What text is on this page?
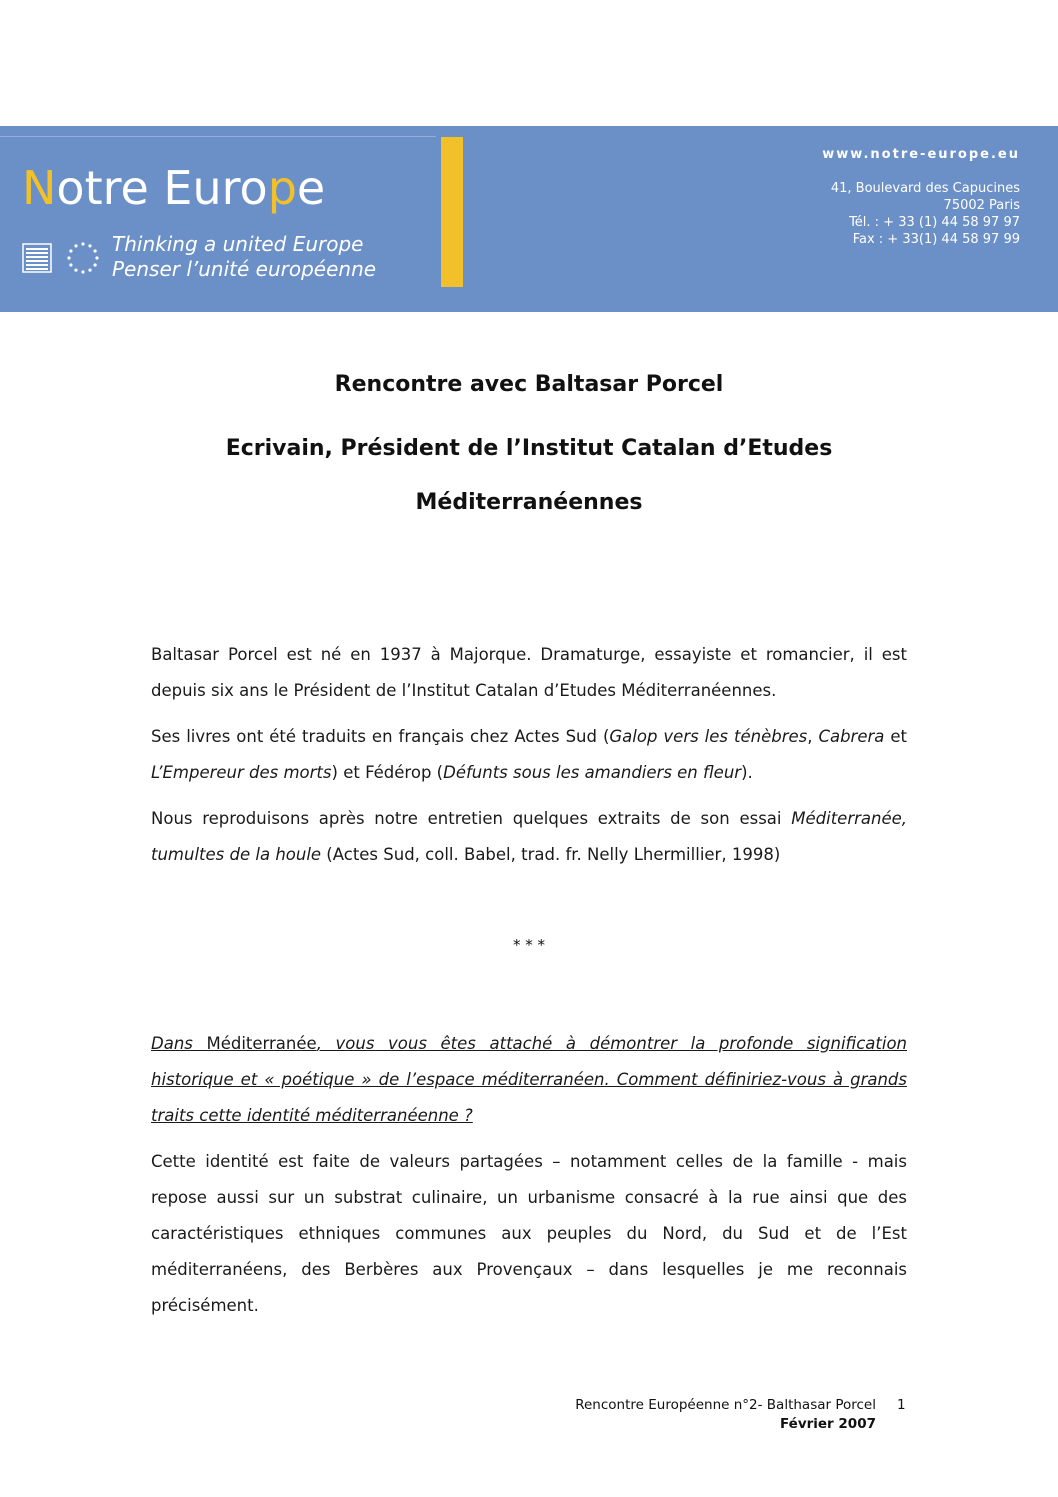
Notre Europe
Thinking a united Europe
Penser l’unité européenne
www.notre-europe.eu
41, Boulevard des Capucines
75002 Paris
Tél. : + 33 (1) 44 58 97 97
Fax : + 33(1) 44 58 97 99
Rencontre avec Baltasar Porcel
Ecrivain, Président de l’Institut Catalan d’Etudes
Méditerranéennes

Baltasar Porcel est né en 1937 à Majorque. Dramaturge, essayiste et romancier, il est depuis six ans le Président de l’Institut Catalan d’Etudes Méditerranéennes.

Ses livres ont été traduits en français chez Actes Sud (Galop vers les ténèbres, Cabrera et L’Empereur des morts) et Fédérop (Défunts sous les amandiers en fleur).

Nous reproduisons après notre entretien quelques extraits de son essai Méditerranée, tumultes de la houle (Actes Sud, coll. Babel, trad. fr. Nelly Lhermillier, 1998)

* * *

Dans Méditerranée, vous vous êtes attaché à démontrer la profonde signification historique et « poétique » de l’espace méditerranéen. Comment définiriez-vous à grands traits cette identité méditerranéenne ?

Cette identité est faite de valeurs partagées – notamment celles de la famille - mais repose aussi sur un substrat culinaire, un urbanisme consacré à la rue ainsi que des caractéristiques ethniques communes aux peuples du Nord, du Sud et de l’Est méditerranéens, des Berbères aux Provençaux – dans lesquelles je me reconnais précisément.

Rencontre Européenne n°2- Balthasar Porcel
Février 2007
1
